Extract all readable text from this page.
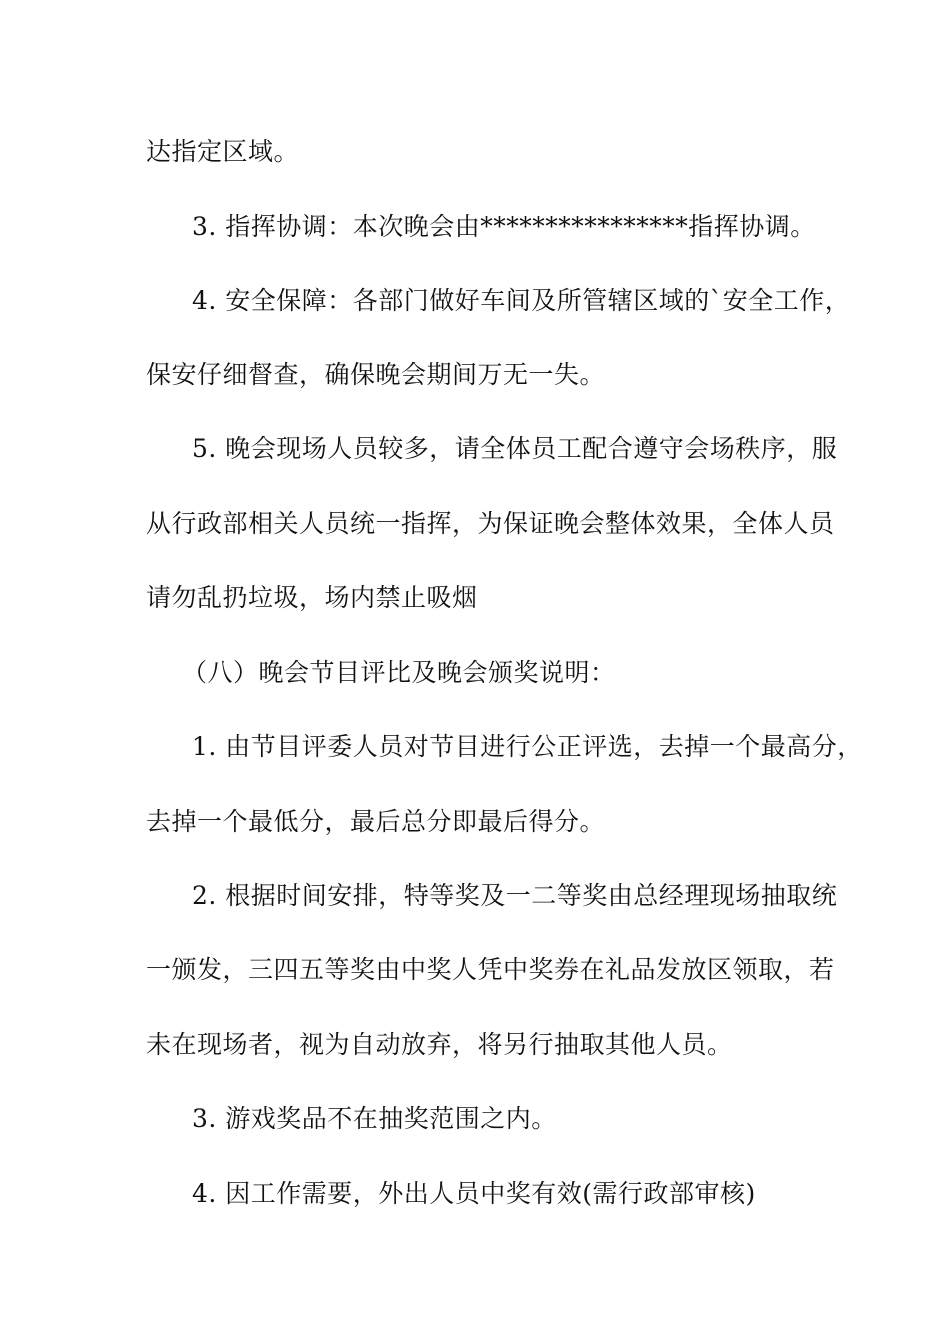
达指定区域。
3. 指挥协调：本次晚会由****************指挥协调。
4. 安全保障：各部门做好车间及所管辖区域的`安全工作，
保安仔细督查，确保晚会期间万无一失。
5. 晚会现场人员较多，请全体员工配合遵守会场秩序，服
从行政部相关人员统一指挥，为保证晚会整体效果，全体人员
请勿乱扔垃圾，场内禁止吸烟
（八）晚会节目评比及晚会颁奖说明：
1. 由节目评委人员对节目进行公正评选，去掉一个最高分，
去掉一个最低分，最后总分即最后得分。
2. 根据时间安排，特等奖及一二等奖由总经理现场抽取统
一颁发，三四五等奖由中奖人凭中奖券在礼品发放区领取，若
未在现场者，视为自动放弃，将另行抽取其他人员。
3. 游戏奖品不在抽奖范围之内。
4. 因工作需要，外出人员中奖有效(需行政部审核)
